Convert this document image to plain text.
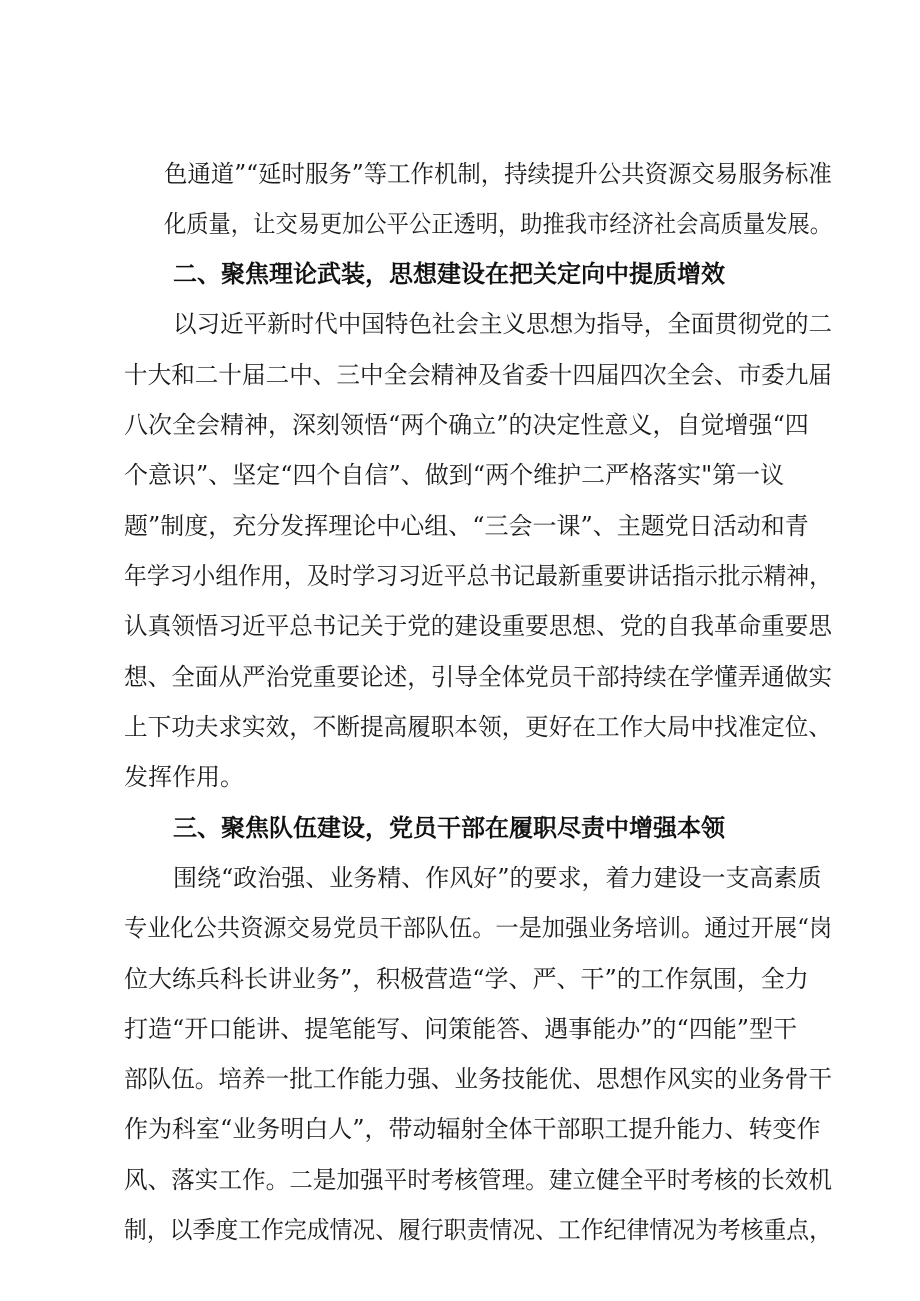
色通道”“延时服务”等工作机制，持续提升公共资源交易服务标准
化质量，让交易更加公平公正透明，助推我市经济社会高质量发展。
二、聚焦理论武装，思想建设在把关定向中提质增效
以习近平新时代中国特色社会主义思想为指导，全面贯彻党的二
十大和二十届二中、三中全会精神及省委十四届四次全会、市委九届
八次全会精神，深刻领悟“两个确立”的决定性意义，自觉增强“四
个意识”、坚定“四个自信”、做到“两个维护二严格落实"第一议
题”制度，充分发挥理论中心组、“三会一课”、主题党日活动和青
年学习小组作用，及时学习习近平总书记最新重要讲话指示批示精神，
认真领悟习近平总书记关于党的建设重要思想、党的自我革命重要思
想、全面从严治党重要论述，引导全体党员干部持续在学懂弄通做实
上下功夫求实效，不断提高履职本领，更好在工作大局中找准定位、
发挥作用。
三、聚焦队伍建设，党员干部在履职尽责中增强本领
围绕“政治强、业务精、作风好”的要求，着力建设一支高素质
专业化公共资源交易党员干部队伍。一是加强业务培训。通过开展“岗
位大练兵科长讲业务”，积极营造“学、严、干”的工作氛围，全力
打造“开口能讲、提笔能写、问策能答、遇事能办”的“四能”型干
部队伍。培养一批工作能力强、业务技能优、思想作风实的业务骨干
作为科室“业务明白人”，带动辐射全体干部职工提升能力、转变作
风、落实工作。二是加强平时考核管理。建立健全平时考核的长效机
制，以季度工作完成情况、履行职责情况、工作纪律情况为考核重点，
